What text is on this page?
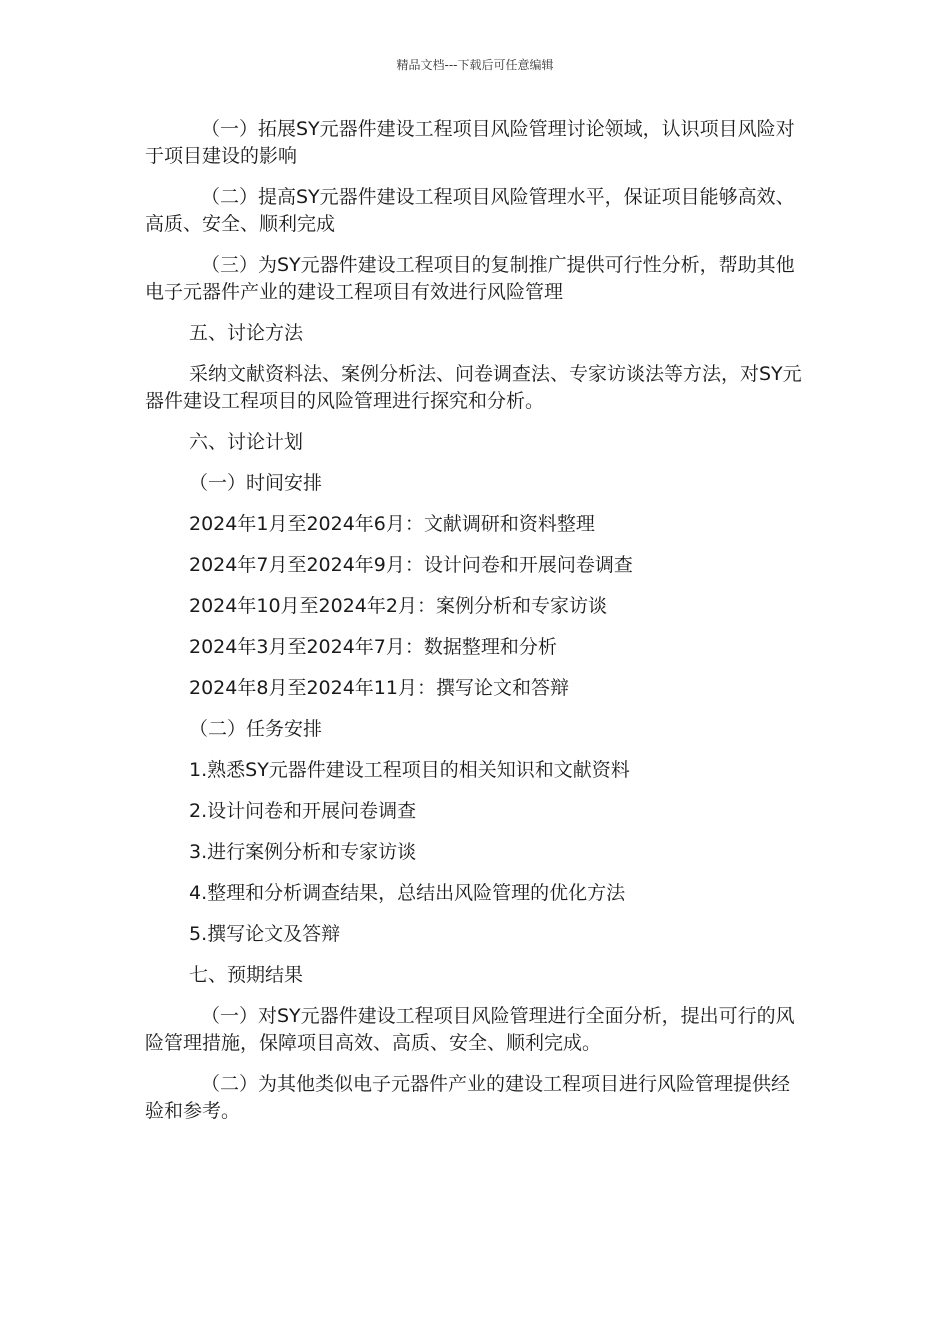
精品文档---下载后可任意编辑

（一）拓展SY元器件建设工程项目风险管理讨论领域，认识项目风险对于项目建设的影响

（二）提高SY元器件建设工程项目风险管理水平，保证项目能够高效、高质、安全、顺利完成

（三）为SY元器件建设工程项目的复制推广提供可行性分析，帮助其他电子元器件产业的建设工程项目有效进行风险管理

五、讨论方法

采纳文献资料法、案例分析法、问卷调查法、专家访谈法等方法，对SY元器件建设工程项目的风险管理进行探究和分析。

六、讨论计划

（一）时间安排

2024年1月至2024年6月：文献调研和资料整理

2024年7月至2024年9月：设计问卷和开展问卷调查

2024年10月至2024年2月：案例分析和专家访谈

2024年3月至2024年7月：数据整理和分析

2024年8月至2024年11月：撰写论文和答辩

（二）任务安排

1.熟悉SY元器件建设工程项目的相关知识和文献资料

2.设计问卷和开展问卷调查

3.进行案例分析和专家访谈

4.整理和分析调查结果，总结出风险管理的优化方法

5.撰写论文及答辩

七、预期结果

（一）对SY元器件建设工程项目风险管理进行全面分析，提出可行的风险管理措施，保障项目高效、高质、安全、顺利完成。

（二）为其他类似电子元器件产业的建设工程项目进行风险管理提供经验和参考。
